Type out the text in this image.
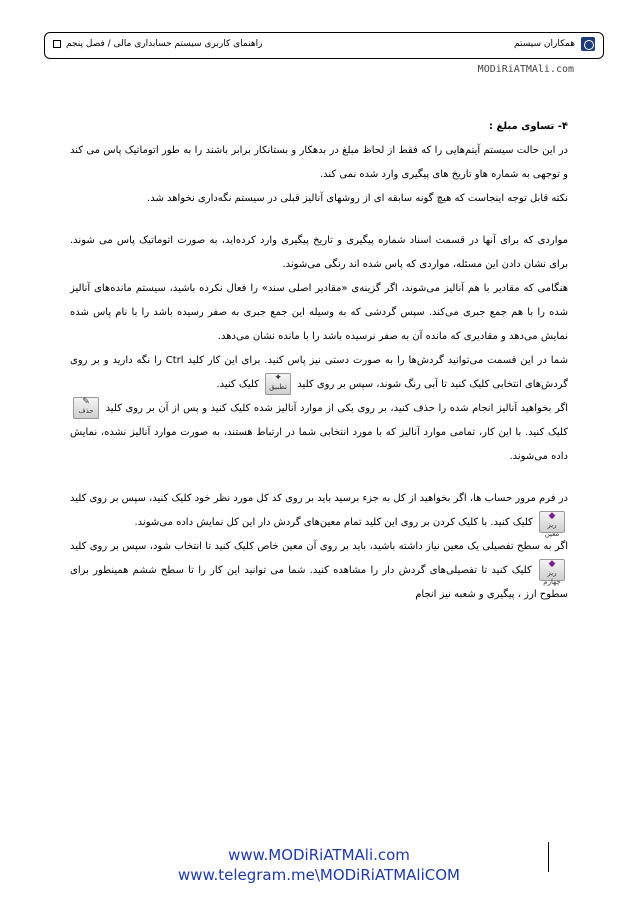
راهنمای کاربری سیستم حسابداری مالی / فصل پنجم	همکاران سیستم
MODiRiATMAli.com

۴- تساوی مبلغ :

در این حالت سیستم آیتم‌هایی را که فقط از لحاظ مبلغ در بدهکار و بستانکار برابر باشند را به طور اتوماتیک پاس می کند و توجهی به شماره هاو تاریخ های پیگیری وارد شده نمی کند.

نکته قابل توجه اینجاست که هیچ گونه سابقه ای از روشهای آنالیز قبلی در سیستم نگه‌داری نخواهد شد.

مواردی که برای آنها در قسمت اسناد شماره پیگیری و تاریخ پیگیری وارد کرده‌اید، به صورت اتوماتیک پاس می شوند. برای نشان دادن این مسئله، مواردی که پاس شده اند رنگی می‌شوند.

هنگامی که مقادیر با هم آنالیز می‌شوند، اگر گزینه‌ی «مقادیر اصلی سند» را فعال نکرده باشید، سیستم مانده‌های آنالیز شده را با هم جمع جبری می‌کند. سپس گردشی که به وسیله این جمع جبری به صفر رسیده باشد را با نام پاس شده نمایش می‌دهد و مقادیری که مانده آن به صفر نرسیده باشد را با مانده نشان می‌دهد.

شما در این قسمت می‌توانید گردش‌ها را به صورت دستی نیز پاس کنید. برای این کار کلید Ctrl را نگه دارید و بر روی گردش‌های انتخابی کلیک کنید تا آبی رنگ شوند، سپس بر روی کلید
✦
تطبیق کلیک کنید.

اگر بخواهید آنالیز انجام شده را حذف کنید، بر روی یکی از موارد آنالیز شده کلیک کنید و پس از آن بر روی کلید
✎
حذف کلیک کنید. با این کار، تمامی موارد آنالیز که با مورد انتخابی شما در ارتباط هستند، به صورت موارد آنالیز نشده، نمایش داده می‌شوند.

در فرم مرور حساب ها، اگر بخواهید از کل به جزء برسید باید بر روی کد کل مورد نظر خود کلیک کنید، سپس بر روی کلید
◆
ریز معین کلیک کنید. با کلیک کردن بر روی این کلید تمام معین‌های گردش دار این کل نمایش داده می‌شوند.

اگر به سطح تفصیلی یک معین نیاز داشته باشید، باید بر روی آن معین خاص کلیک کنید تا انتخاب شود، سپس بر روی کلید
◆
ریز چهارم کلیک کنید تا تفصیلی‌های گردش دار را مشاهده کنید. شما می توانید این کار را تا سطح ششم همینطور برای سطوح ارز ، پیگیری و شعبه نیز انجام

www.MODiRiATMAli.com
www.telegram.me\MODiRiATMAliCOM
